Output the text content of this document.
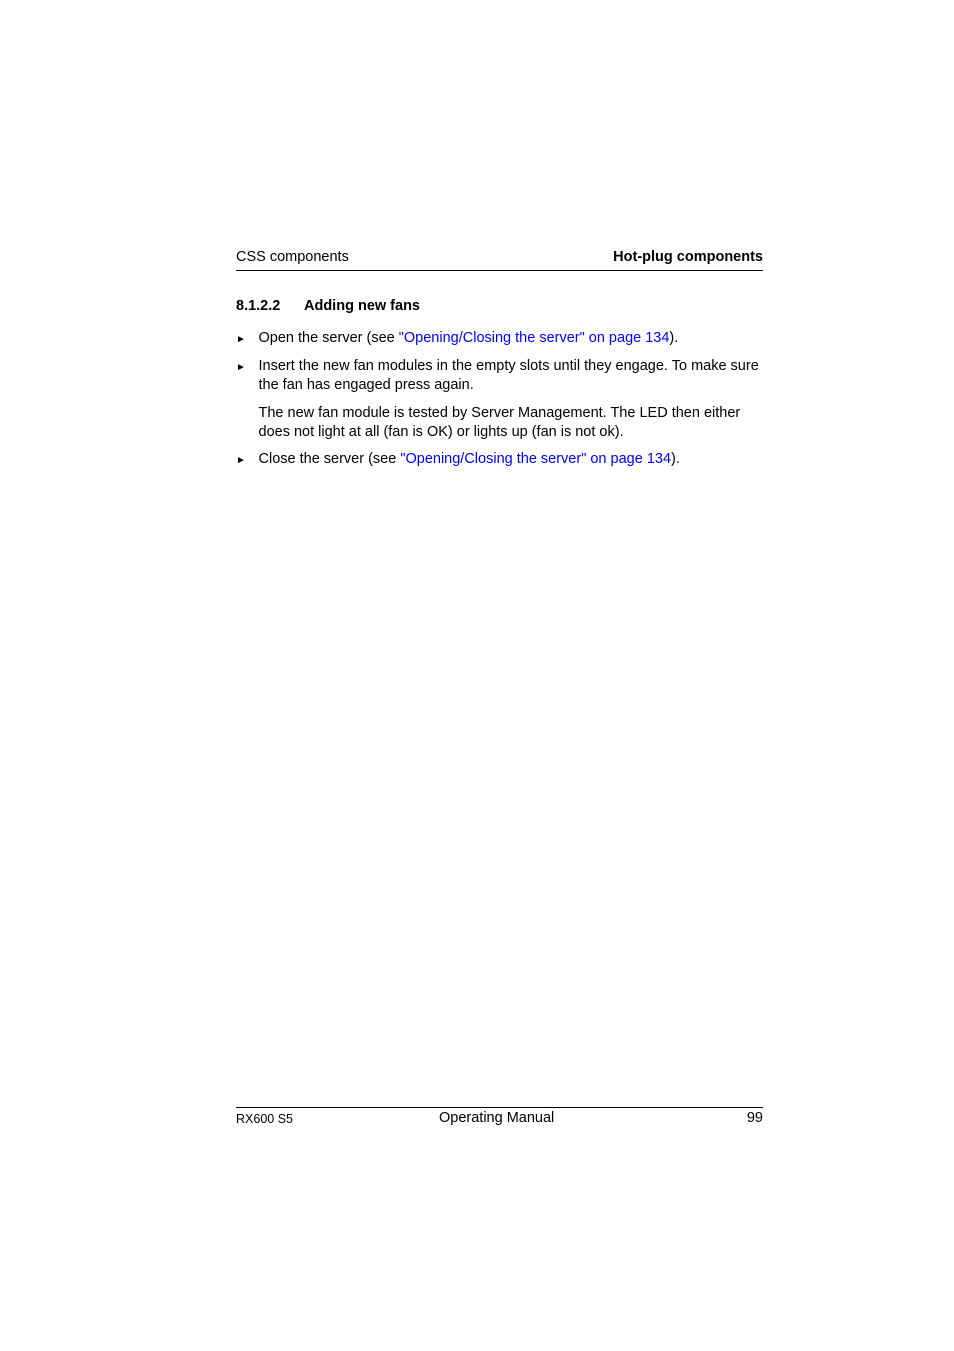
CSS components	Hot-plug components
8.1.2.2 Adding new fans
► Open the server (see "Opening/Closing the server" on page 134).
► Insert the new fan modules in the empty slots until they engage. To make sure the fan has engaged press again.
The new fan module is tested by Server Management. The LED then either does not light at all (fan is OK) or lights up (fan is not ok).
► Close the server (see "Opening/Closing the server" on page 134).
RX600 S5	Operating Manual	99
